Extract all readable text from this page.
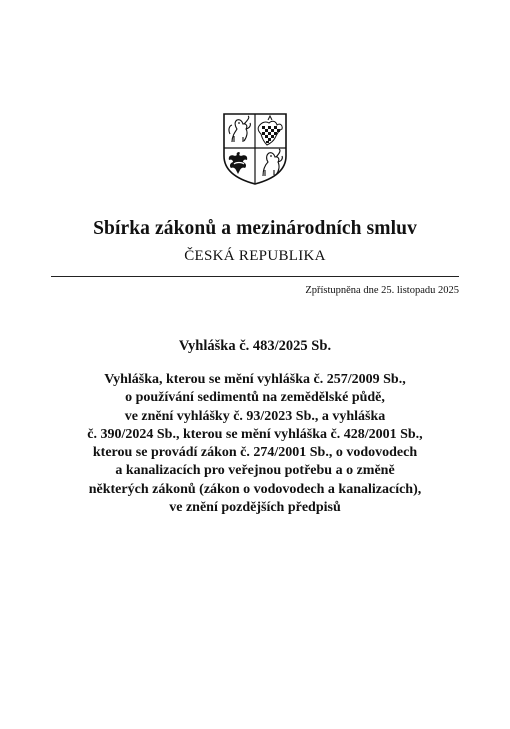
Sbírka zákonů a mezinárodních smluv
ČESKÁ REPUBLIKA
Zpřístupněna dne 25. listopadu 2025
Vyhláška č. 483/2025 Sb.
Vyhláška, kterou se mění vyhláška č. 257/2009 Sb.,
o používání sedimentů na zemědělské půdě,
ve znění vyhlášky č. 93/2023 Sb., a vyhláška
č. 390/2024 Sb., kterou se mění vyhláška č. 428/2001 Sb.,
kterou se provádí zákon č. 274/2001 Sb., o vodovodech
a kanalizacích pro veřejnou potřebu a o změně
některých zákonů (zákon o vodovodech a kanalizacích),
ve znění pozdějších předpisů
